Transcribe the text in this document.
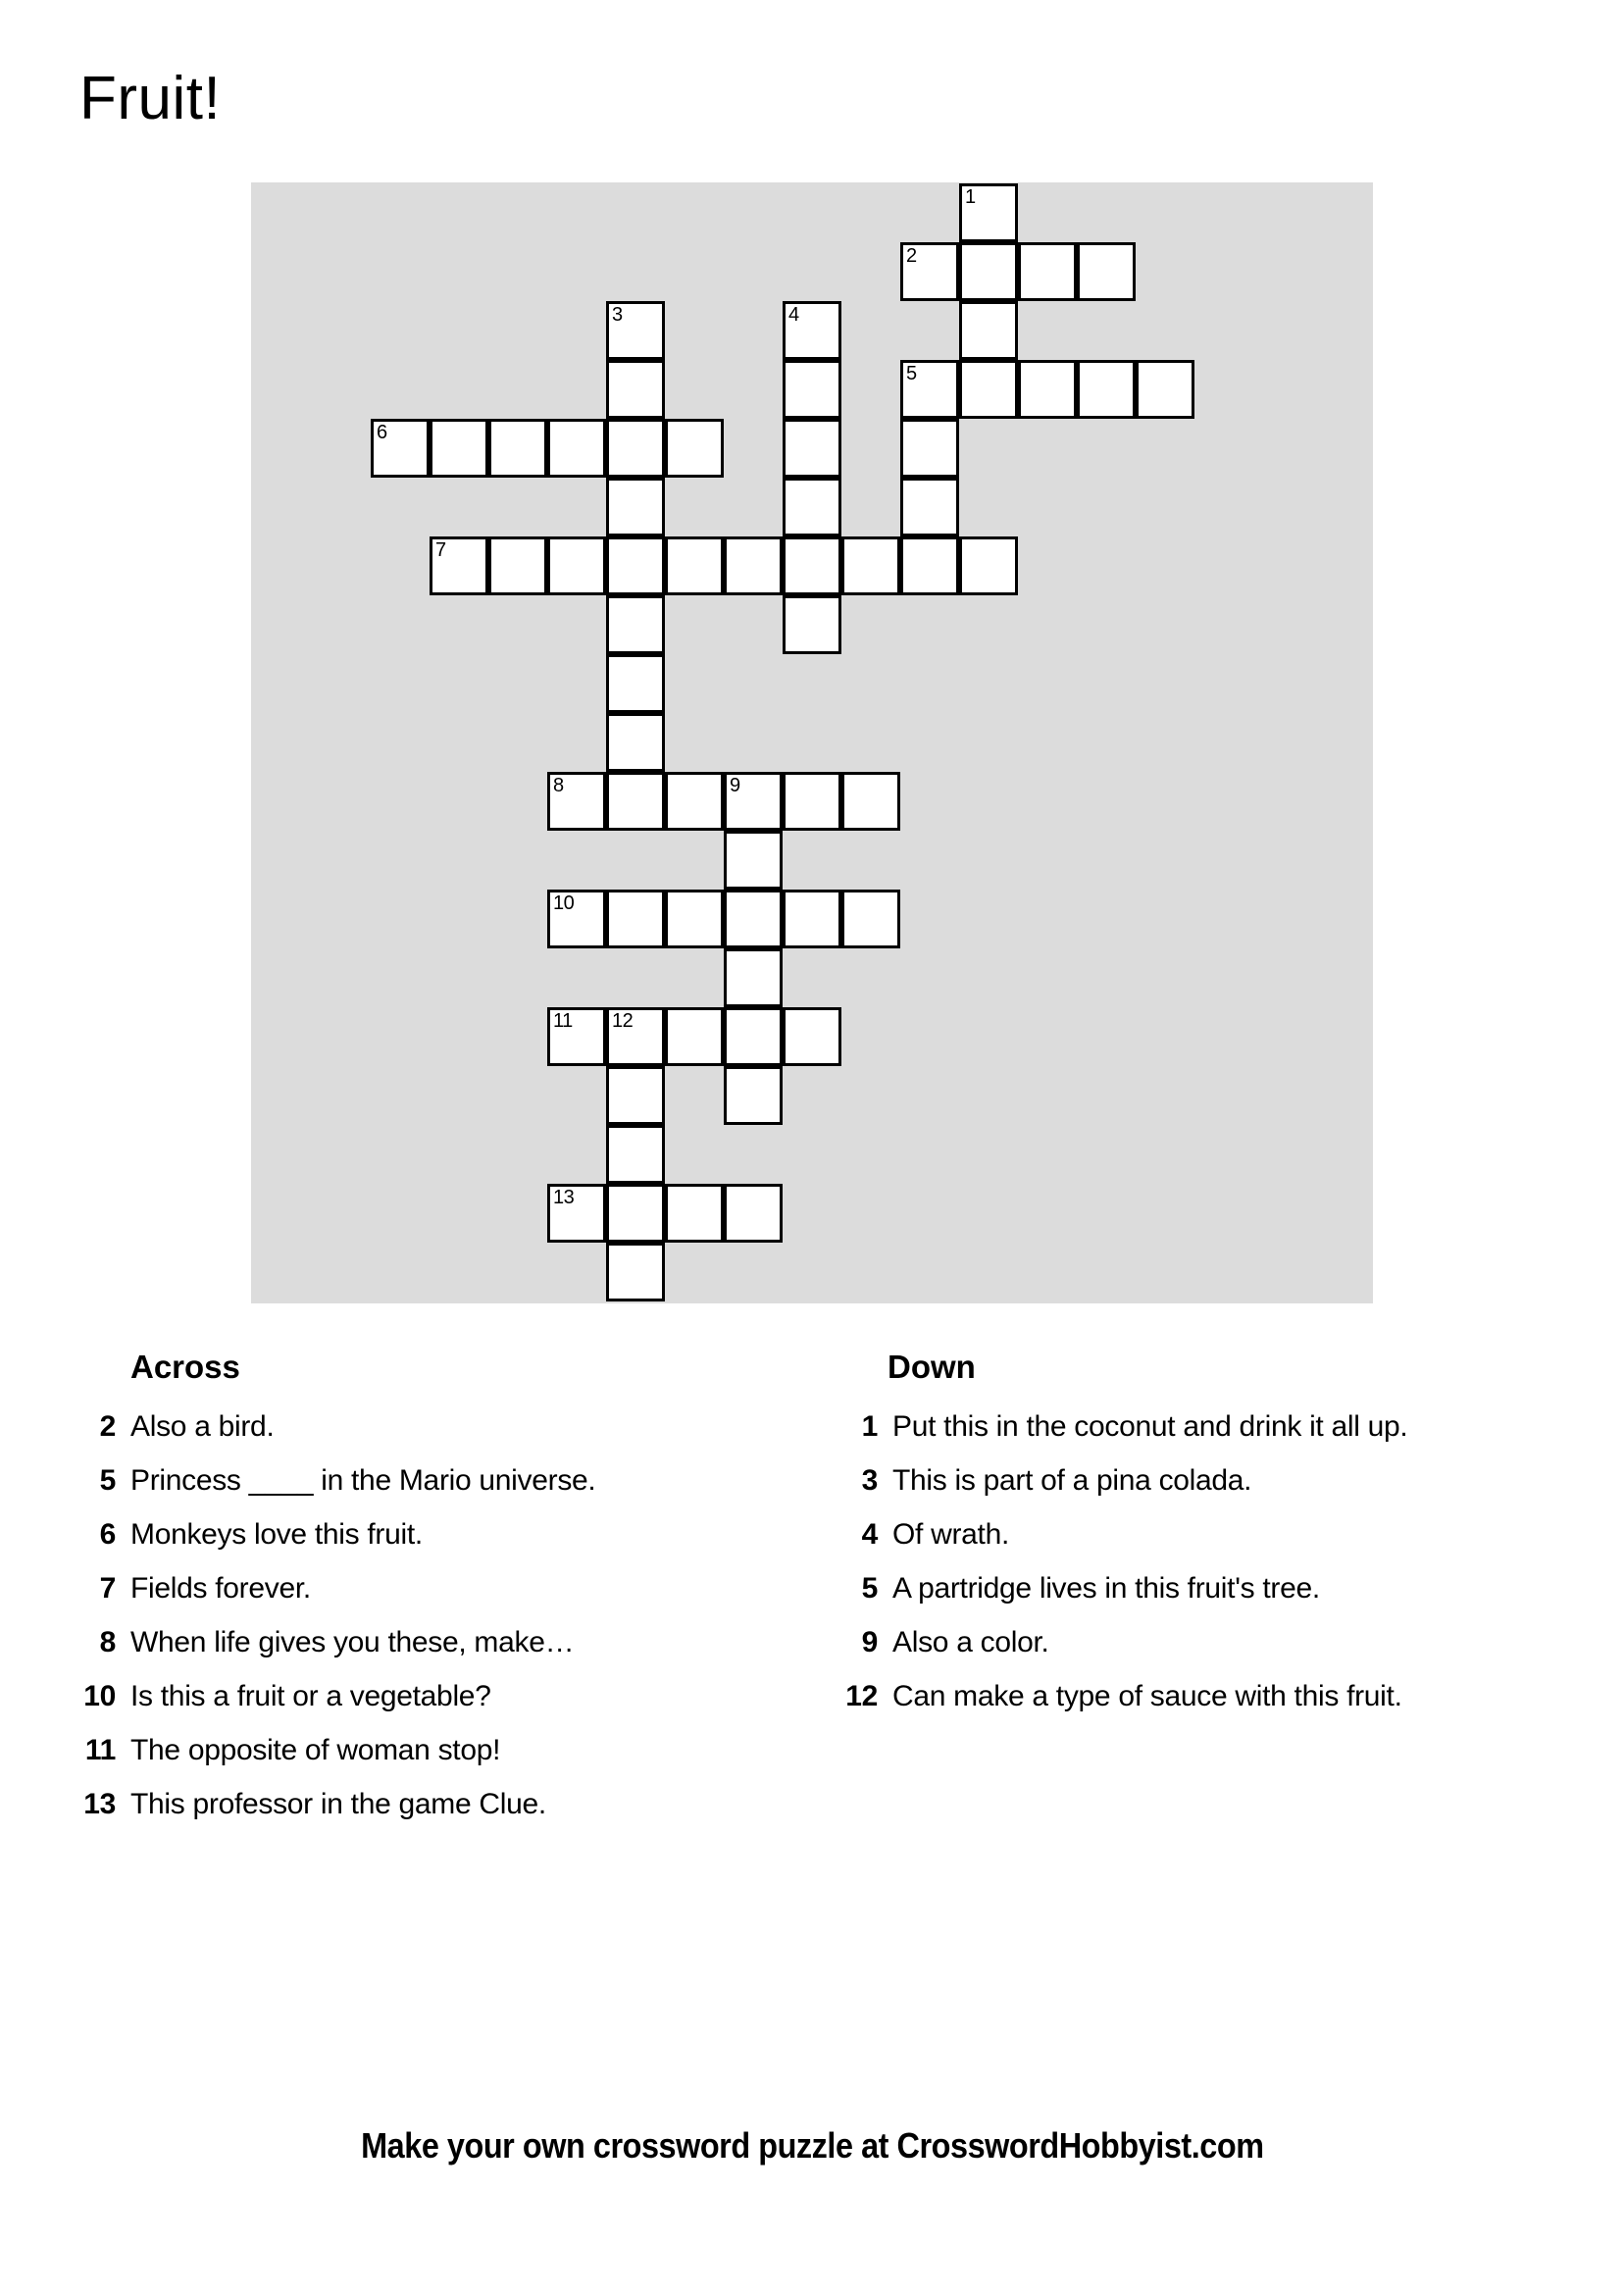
Fruit!
1
2
3	4
5
6
7
8	9
10
11 12
13
Across	Down
2 Also a bird.
5 Princess ____ in the Mario universe.
6 Monkeys love this fruit.
7 Fields forever.
8 When life gives you these, make…
10 Is this a fruit or a vegetable?
11 The opposite of woman stop!
13 This professor in the game Clue.
1 Put this in the coconut and drink it all up.
3 This is part of a pina colada.
4 Of wrath.
5 A partridge lives in this fruit's tree.
9 Also a color.
12 Can make a type of sauce with this fruit.
Make your own crossword puzzle at CrosswordHobbyist.com
